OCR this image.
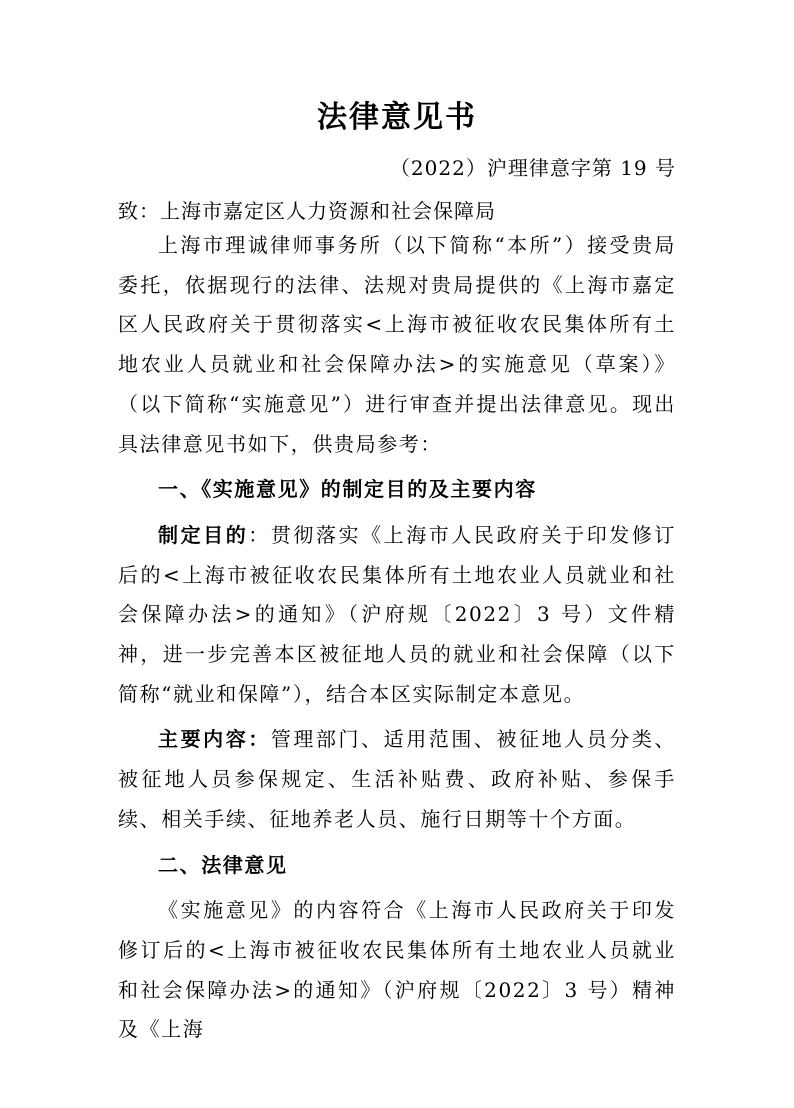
法律意见书
（2022）沪理律意字第 19 号
致：上海市嘉定区人力资源和社会保障局

上海市理诚律师事务所（以下简称“本所”）接受贵局委托，依据现行的法律、法规对贵局提供的《上海市嘉定区人民政府关于贯彻落实<上海市被征收农民集体所有土地农业人员就业和社会保障办法>的实施意见（草案）》（以下简称“实施意见”）进行审查并提出法律意见。现出具法律意见书如下，供贵局参考：

一、《实施意见》的制定目的及主要内容

制定目的：贯彻落实《上海市人民政府关于印发修订后的<上海市被征收农民集体所有土地农业人员就业和社会保障办法>的通知》（沪府规〔2022〕3 号）文件精神，进一步完善本区被征地人员的就业和社会保障（以下简称“就业和保障”），结合本区实际制定本意见。

主要内容：管理部门、适用范围、被征地人员分类、被征地人员参保规定、生活补贴费、政府补贴、参保手续、相关手续、征地养老人员、施行日期等十个方面。

二、法律意见

《实施意见》的内容符合《上海市人民政府关于印发修订后的<上海市被征收农民集体所有土地农业人员就业和社会保障办法>的通知》（沪府规〔2022〕3 号）精神及《上海
